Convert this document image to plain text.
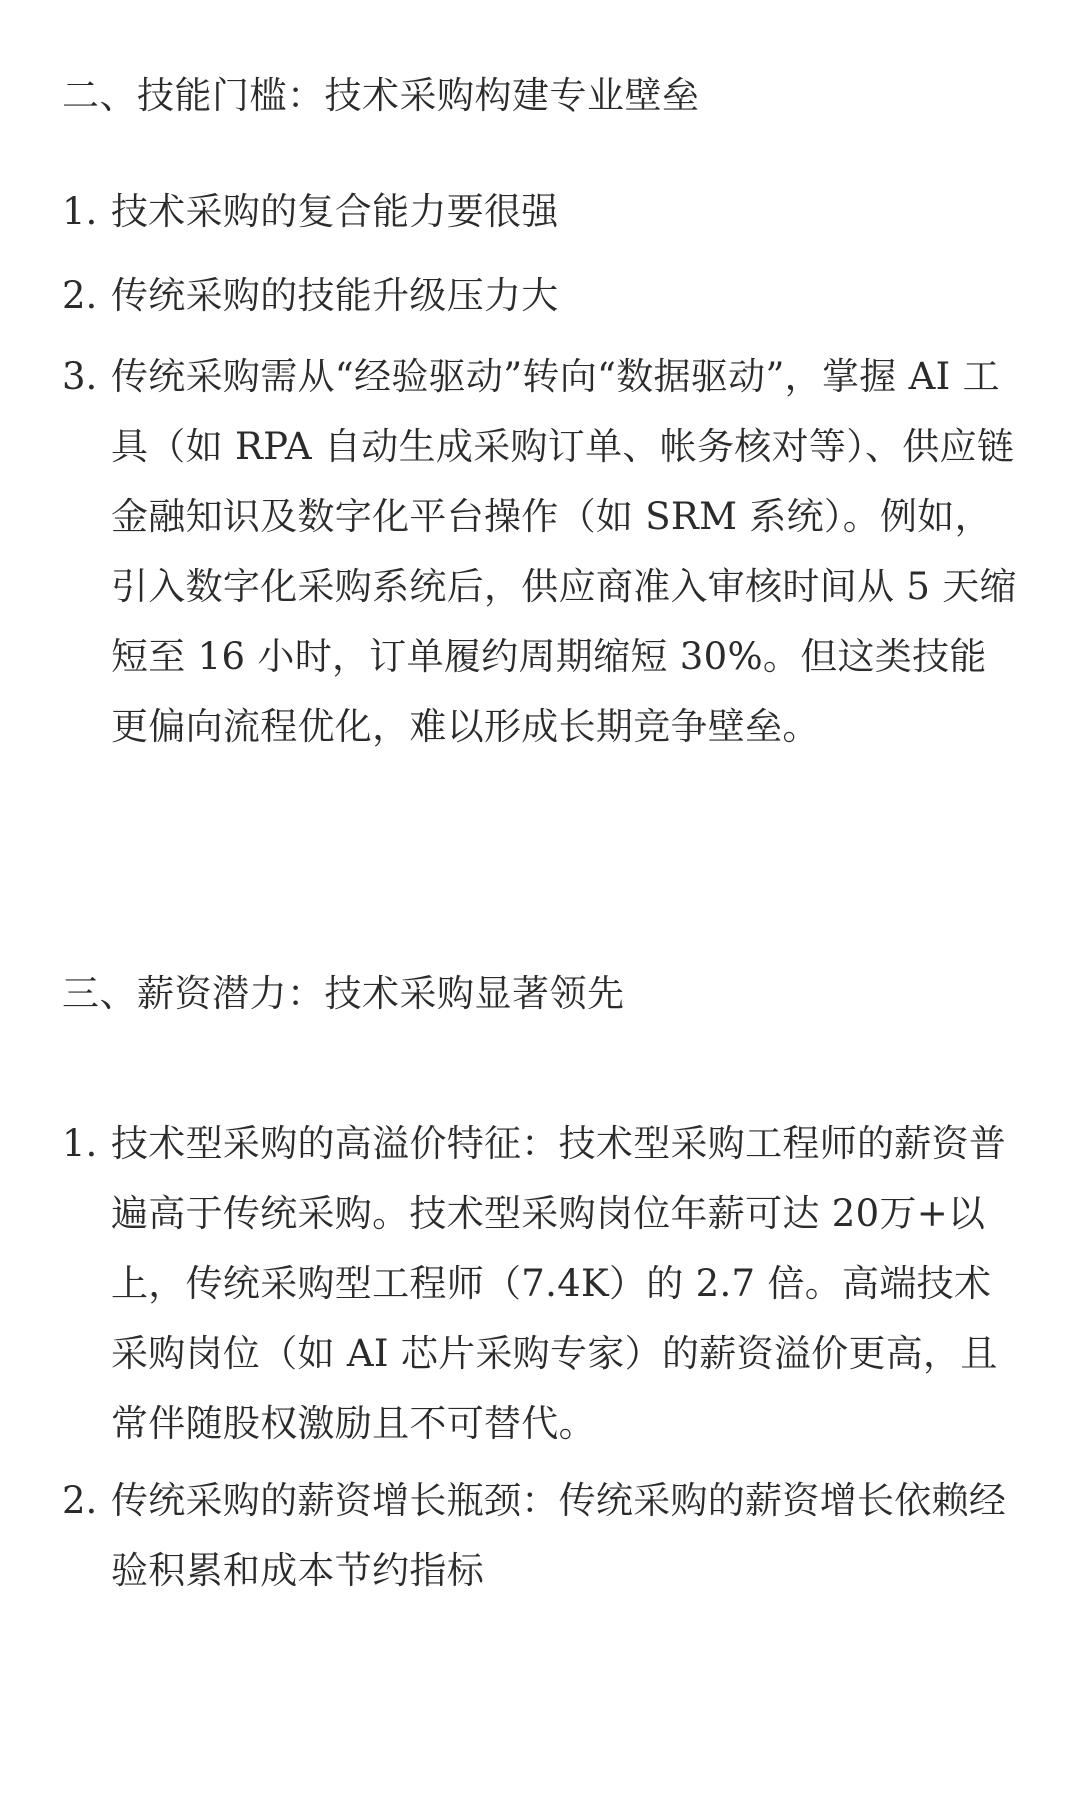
二、技能门槛：技术采购构建专业壁垒
1. 技术采购的复合能力要很强
2. 传统采购的技能升级压力大
3. 传统采购需从“经验驱动”转向“数据驱动”，掌握 AI 工具（如 RPA 自动生成采购订单、帐务核对等）、供应链金融知识及数字化平台操作（如 SRM 系统）。例如，引入数字化采购系统后，供应商准入审核时间从 5 天缩短至 16 小时，订单履约周期缩短 30%。但这类技能更偏向流程优化，难以形成长期竞争壁垒。
三、薪资潜力：技术采购显著领先
1. 技术型采购的高溢价特征：技术型采购工程师的薪资普遍高于传统采购。技术型采购岗位年薪可达 20万+以上，传统采购型工程师（7.4K）的 2.7 倍。高端技术采购岗位（如 AI 芯片采购专家）的薪资溢价更高，且常伴随股权激励且不可替代。
2. 传统采购的薪资增长瓶颈：传统采购的薪资增长依赖经验积累和成本节约指标
